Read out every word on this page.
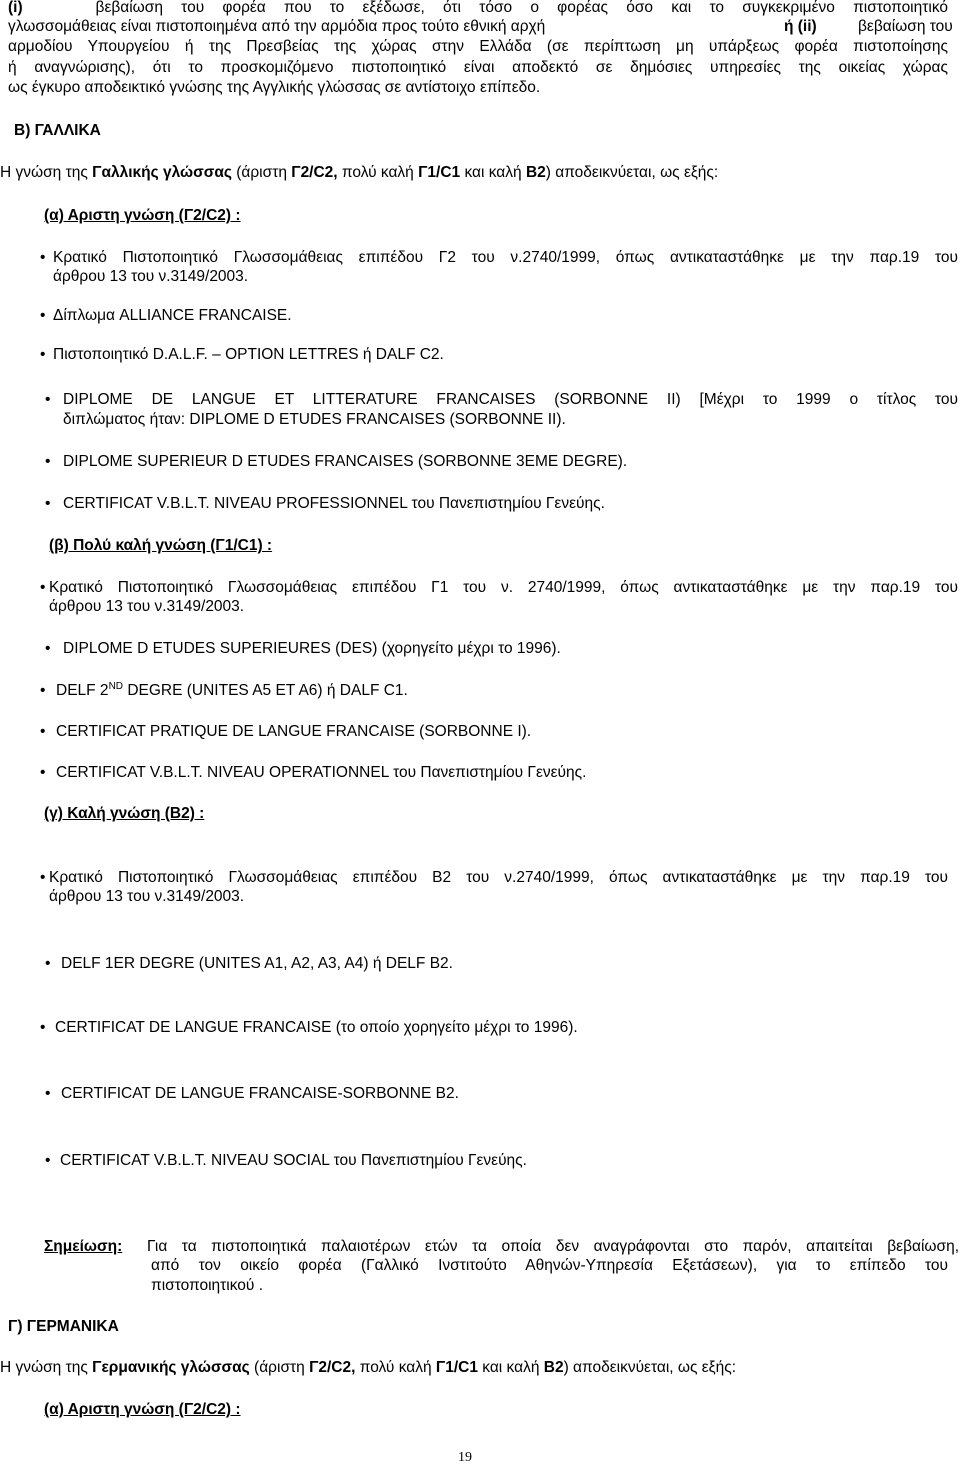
(i)	βεβαίωση του φορέα που το εξέδωσε, ότι τόσο ο φορέας όσο και το συγκεκριμένο πιστοποιητικό
γλωσσομάθειας είναι πιστοποιημένα από την αρμόδια προς τούτο εθνική αρχή	ή (ii)	βεβαίωση του
αρμοδίου Υπουργείου ή της Πρεσβείας της χώρας στην Ελλάδα (σε περίπτωση μη υπάρξεως φορέα πιστοποίησης
ή αναγνώρισης), ότι το προσκομιζόμενο πιστοποιητικό είναι αποδεκτό σε δημόσιες υπηρεσίες της οικείας χώρας
ως έγκυρο αποδεικτικό γνώσης της Αγγλικής γλώσσας σε αντίστοιχο επίπεδο.
Β) ΓΑΛΛΙΚΑ
Η γνώση της Γαλλικής γλώσσας (άριστη Γ2/C2, πολύ καλή Γ1/C1 και καλή Β2) αποδεικνύεται, ως εξής:
(α) Αριστη γνώση (Γ2/C2) :
• Κρατικό Πιστοποιητικό Γλωσσομάθειας επιπέδου Γ2 του ν.2740/1999, όπως αντικαταστάθηκε με την παρ.19 του
άρθρου 13 του ν.3149/2003.
• Δίπλωμα ALLIANCE FRANCAISE.
• Πιστοποιητικό D.A.L.F. – OPTION LETTRES ή DALF C2.
• DIPLOME DE LANGUE ET LITTERATURE FRANCAISES (SORBONNE II) [Μέχρι το 1999 ο τίτλος του
διπλώματος ήταν: DIPLOME D ETUDES FRANCAISES (SORBONNE II).
• DIPLOME SUPERIEUR D ETUDES FRANCAISES (SORBONNE 3EME DEGRE).
• CERTIFICAT V.B.L.T. NIVEAU PROFESSIONNEL του Πανεπιστημίου Γενεύης.
(β) Πολύ καλή γνώση (Γ1/C1) :
• Κρατικό Πιστοποιητικό Γλωσσομάθειας επιπέδου Γ1 του ν. 2740/1999, όπως αντικαταστάθηκε με την παρ.19 του
άρθρου 13 του ν.3149/2003.
• DIPLOME D ETUDES SUPERIEURES (DES) (χορηγείτο μέχρι το 1996).
• DELF 2ND DEGRE (UNITES A5 ET A6) ή DALF C1.
• CERTIFICAT PRATIQUE DE LANGUE FRANCAISE (SORBONNE I).
• CERTIFICAT V.B.L.T. NIVEAU OPERATIONNEL του Πανεπιστημίου Γενεύης.
(γ) Καλή γνώση (Β2) :
• Κρατικό Πιστοποιητικό Γλωσσομάθειας επιπέδου Β2 του ν.2740/1999, όπως αντικαταστάθηκε με την παρ.19 του
άρθρου 13 του ν.3149/2003.
• DELF 1ER DEGRE (UNITES A1, A2, A3, A4) ή DELF B2.
• CERTIFICAT DE LANGUE FRANCAISE (το οποίο χορηγείτο μέχρι το 1996).
• CERTIFICAT DE LANGUE FRANCAISE-SORBONNE B2.
• CERTIFICAT V.B.L.T. NIVEAU SOCIAL του Πανεπιστημίου Γενεύης.
Σημείωση: Για τα πιστοποιητικά παλαιοτέρων ετών τα οποία δεν αναγράφονται στο παρόν, απαιτείται βεβαίωση,
από τον οικείο φορέα (Γαλλικό Ινστιτούτο Αθηνών-Υπηρεσία Εξετάσεων), για το επίπεδο του
πιστοποιητικού .
Γ) ΓΕΡΜΑΝΙΚΑ
Η γνώση της Γερμανικής γλώσσας (άριστη Γ2/C2, πολύ καλή Γ1/C1 και καλή Β2) αποδεικνύεται, ως εξής:
(α) Αριστη γνώση (Γ2/C2) :
19
